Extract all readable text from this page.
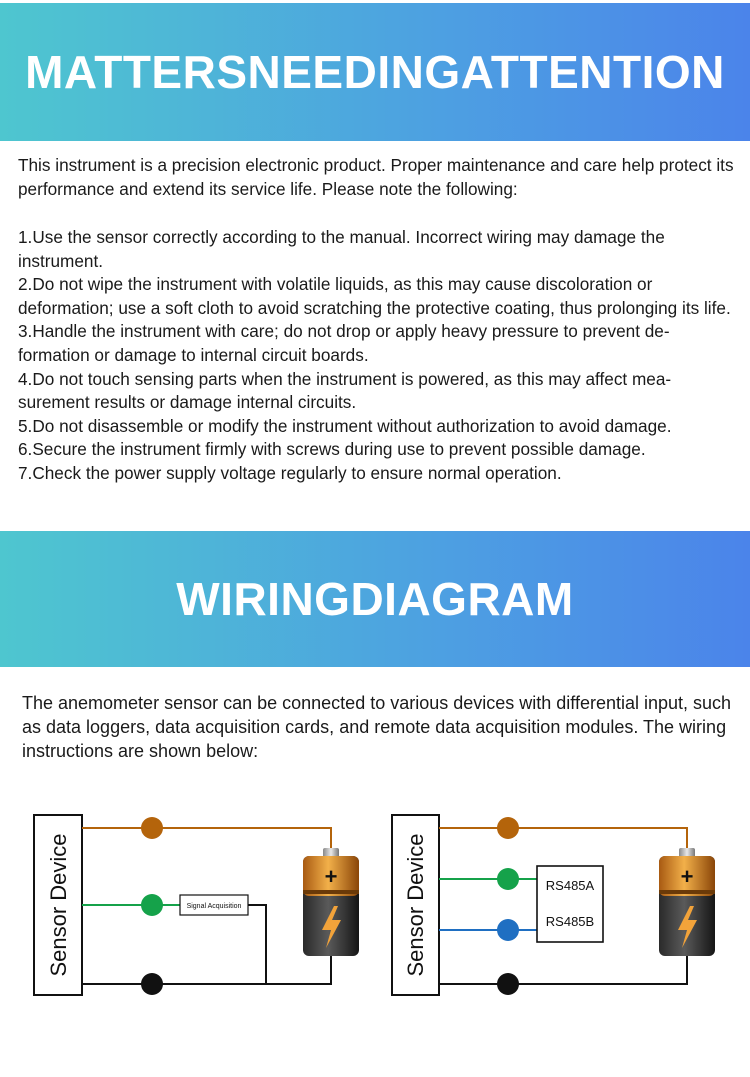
MATTERSNEEDINGATTENTION
This instrument is a precision electronic product. Proper maintenance and care help protect its performance and extend its service life. Please note the following:
1.Use the sensor correctly according to the manual. Incorrect wiring may damage the instrument.
2.Do not wipe the instrument with volatile liquids, as this may cause discoloration or deformation; use a soft cloth to avoid scratching the protective coating, thus prolonging its life.
3.Handle the instrument with care; do not drop or apply heavy pressure to prevent de-formation or damage to internal circuit boards.
4.Do not touch sensing parts when the instrument is powered, as this may affect mea-surement results or damage internal circuits.
5.Do not disassemble or modify the instrument without authorization to avoid damage.
6.Secure the instrument firmly with screws during use to prevent possible damage.
7.Check the power supply voltage regularly to ensure normal operation.
WIRINGDIAGRAM
The anemometer sensor can be connected to various devices with differential input, such as data loggers, data acquisition cards, and remote data acquisition modules. The wiring instructions are shown below:
Sensor Device	Signal Acquisition
+	Sensor Device	RS485A
RS485B
+
